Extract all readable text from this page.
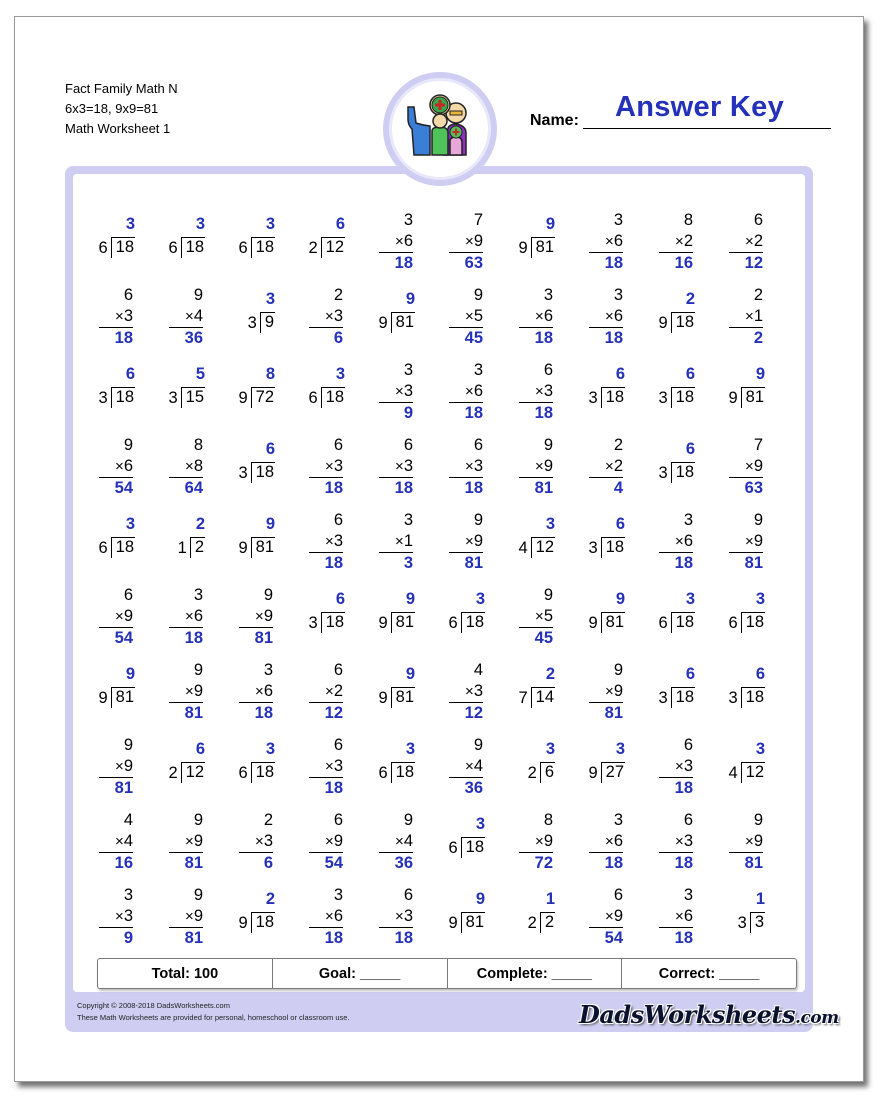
Fact Family Math N
6x3=18, 9x9=81
Math Worksheet 1
Answer Key
Name:
6
3
18 6
3
18 6
3
18 2
6
12
3
×6
18
7
×9
63
9
9
81
3
×6
18
8
×2
16
6
×2
12
6
×3
18
9
×4
36
3
3
9
2
×3
6
9
9
81
9
×5
45
3
×6
18
3
×6
18
9
2
18
2
×1
2
3
6
18 3
5
15 9
8
72 6
3
18
3
×3
9
3
×6
18
6
×3
18
3
6
18 3
6
18 9
9
81
9
×6
54
8
×8
64
3
6
18
6
×3
18
6
×3
18
6
×3
18
9
×9
81
2
×2
4
3
6
18
7
×9
63
6
3
18	1
2
2 9
9
81
6
×3
18
3
×1
3
9
×9
81
4
3
12 3
6
18
3
×6
18
9
×9
81
6
×9
54
3
×6
18
9
×9
81
3
6
18 9
9
81 6
3
18
9
×5
45
9
9
81 6
3
18 6
3
18
9
9
81
9
×9
81
3
×6
18
6
×2
12
9
9
81
4
×3
12
7
2
14
9
×9
81
3
6
18 3
6
18
9
×9
81
2
6
12 6
3
18
6
×3
18
6
3
18
9
×4
36
2
3
6 9
3
27
6
×3
18
4
3
12
4
×4
16
9
×9
81
2
×3
6
6
×9
54
9
×4
36
6
3
18
8
×9
72
3
×6
18
6
×3
18
9
×9
81
3
×3
9
9
×9
81
9
2
18
3
×6
18
6
×3
18
9
9
81	2
1
2
6
×9
54
3
×6
18
3
1
3
Total: 100	Goal: _____	Complete: _____	Correct: _____
Copyright © 2008-2018 DadsWorksheets.com
These Math Worksheets are provided for personal, homeschool or classroom use.	DadsWorksheets.com
